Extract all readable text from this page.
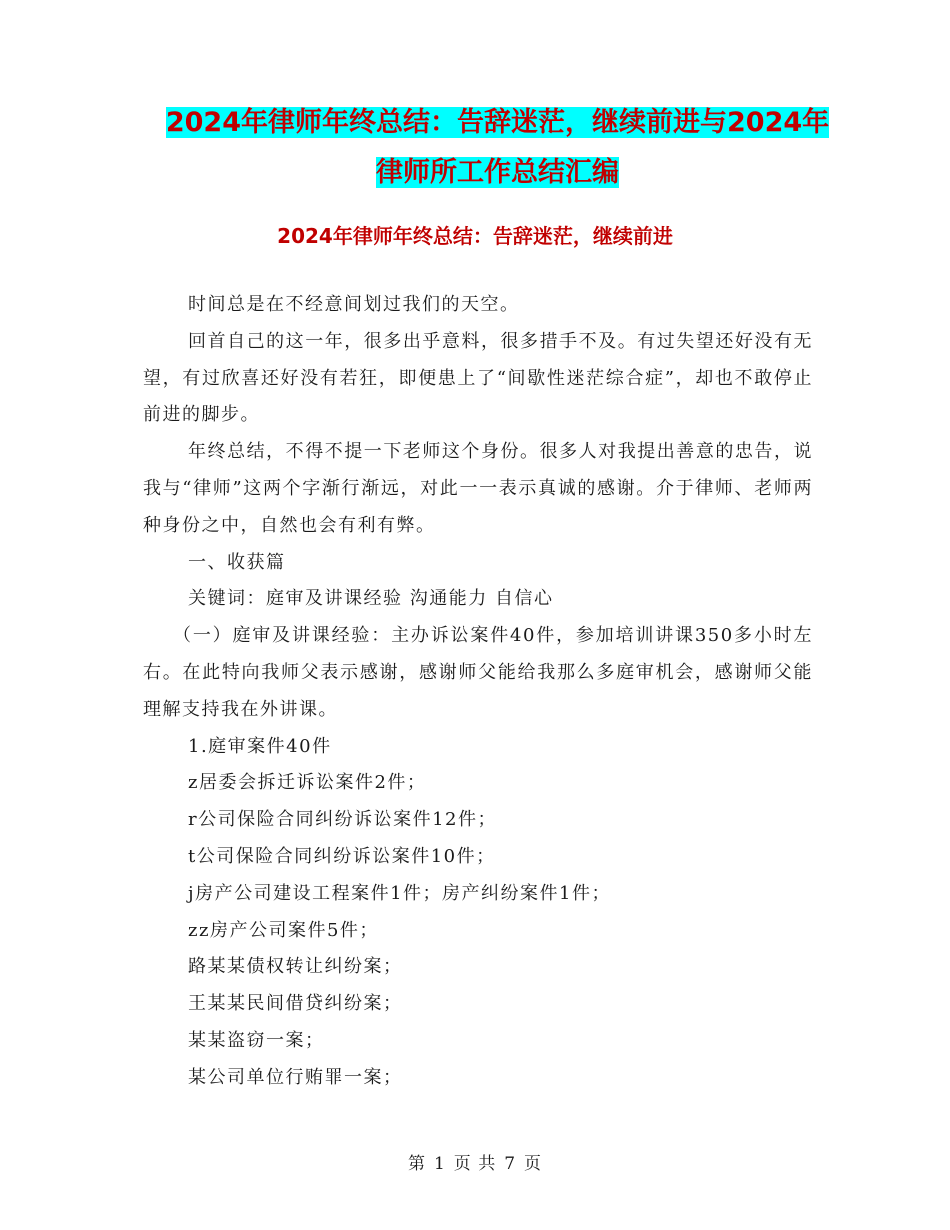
2024年律师年终总结：告辞迷茫，继续前进与2024年
律师所工作总结汇编
2024年律师年终总结：告辞迷茫，继续前进

时间总是在不经意间划过我们的天空。

回首自己的这一年，很多出乎意料，很多措手不及。有过失望还好没有无望，有过欣喜还好没有若狂，即便患上了“间歇性迷茫综合症”，却也不敢停止前进的脚步。

年终总结，不得不提一下老师这个身份。很多人对我提出善意的忠告，说我与“律师”这两个字渐行渐远，对此一一表示真诚的感谢。介于律师、老师两种身份之中，自然也会有利有弊。

一、收获篇

关键词：庭审及讲课经验 沟通能力 自信心

（一）庭审及讲课经验：主办诉讼案件40件，参加培训讲课350多小时左右。在此特向我师父表示感谢，感谢师父能给我那么多庭审机会，感谢师父能理解支持我在外讲课。

1.庭审案件40件

z居委会拆迁诉讼案件2件；

r公司保险合同纠纷诉讼案件12件；

t公司保险合同纠纷诉讼案件10件；

j房产公司建设工程案件1件；房产纠纷案件1件；

zz房产公司案件5件；

路某某债权转让纠纷案；

王某某民间借贷纠纷案；

某某盗窃一案；

某公司单位行贿罪一案；

第 1 页 共 7 页
